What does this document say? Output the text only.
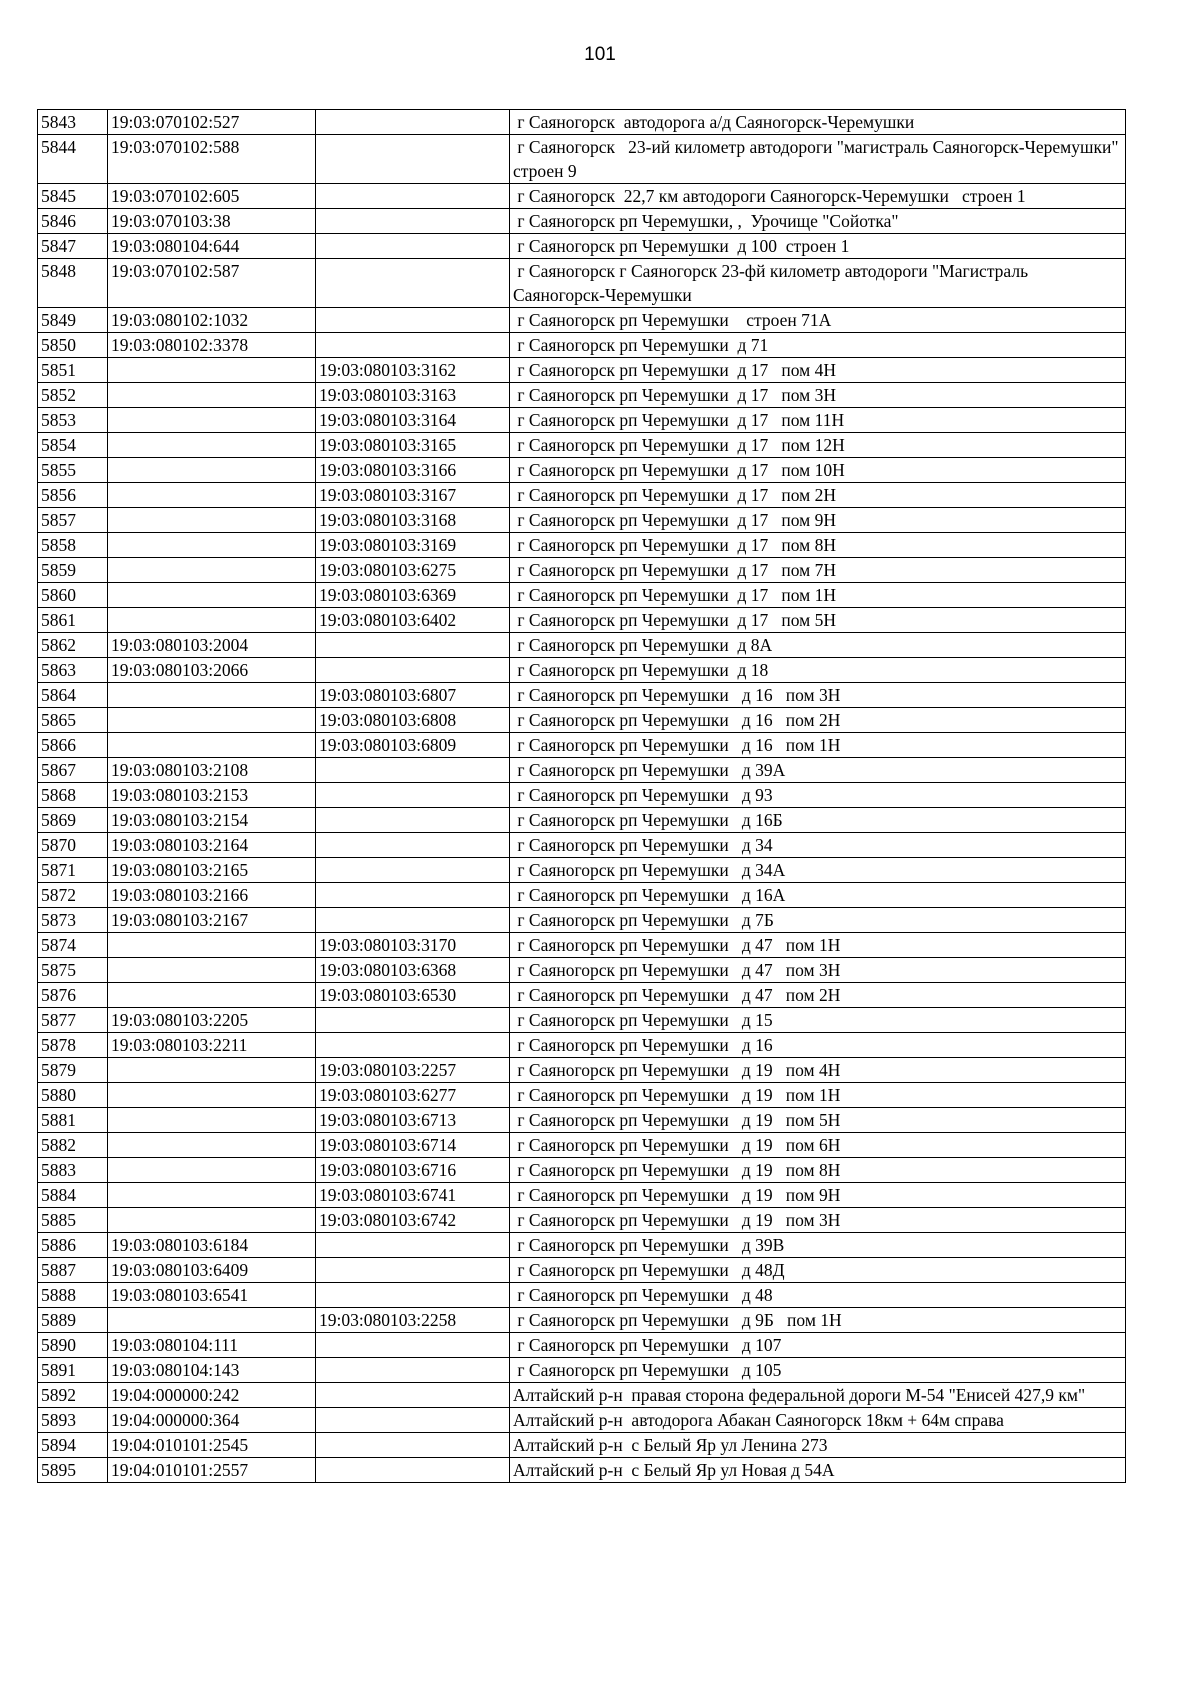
101
5843	19:03:070102:527		г Саяногорск  автодорога а/д Саяногорск-Черемушки
5844	19:03:070102:588		г Саяногорск   23-ий километр автодороги "магистраль Саяногорск-Черемушки"   строен 9
5845	19:03:070102:605		г Саяногорск  22,7 км автодороги Саяногорск-Черемушки   строен 1
5846	19:03:070103:38		г Саяногорск рп Черемушки, ,  Урочище "Сойотка"
5847	19:03:080104:644		г Саяногорск рп Черемушки  д 100  строен 1
5848	19:03:070102:587		г Саяногорск г Саяногорск 23-фй километр автодороги "Магистраль Саяногорск-Черемушки
5849	19:03:080102:1032		г Саяногорск рп Черемушки    строен 71А
5850	19:03:080102:3378		г Саяногорск рп Черемушки  д 71
5851		19:03:080103:3162	г Саяногорск рп Черемушки  д 17   пом 4Н
5852		19:03:080103:3163	г Саяногорск рп Черемушки  д 17   пом 3Н
5853		19:03:080103:3164	г Саяногорск рп Черемушки  д 17   пом 11Н
5854		19:03:080103:3165	г Саяногорск рп Черемушки  д 17   пом 12Н
5855		19:03:080103:3166	г Саяногорск рп Черемушки  д 17   пом 10Н
5856		19:03:080103:3167	г Саяногорск рп Черемушки  д 17   пом 2Н
5857		19:03:080103:3168	г Саяногорск рп Черемушки  д 17   пом 9Н
5858		19:03:080103:3169	г Саяногорск рп Черемушки  д 17   пом 8Н
5859		19:03:080103:6275	г Саяногорск рп Черемушки  д 17   пом 7Н
5860		19:03:080103:6369	г Саяногорск рп Черемушки  д 17   пом 1Н
5861		19:03:080103:6402	г Саяногорск рп Черемушки  д 17   пом 5Н
5862	19:03:080103:2004		г Саяногорск рп Черемушки  д 8А
5863	19:03:080103:2066		г Саяногорск рп Черемушки  д 18
5864		19:03:080103:6807	г Саяногорск рп Черемушки   д 16   пом 3Н
5865		19:03:080103:6808	г Саяногорск рп Черемушки   д 16   пом 2Н
5866		19:03:080103:6809	г Саяногорск рп Черемушки   д 16   пом 1Н
5867	19:03:080103:2108		г Саяногорск рп Черемушки   д 39А
5868	19:03:080103:2153		г Саяногорск рп Черемушки   д 93
5869	19:03:080103:2154		г Саяногорск рп Черемушки   д 16Б
5870	19:03:080103:2164		г Саяногорск рп Черемушки   д 34
5871	19:03:080103:2165		г Саяногорск рп Черемушки   д 34А
5872	19:03:080103:2166		г Саяногорск рп Черемушки   д 16А
5873	19:03:080103:2167		г Саяногорск рп Черемушки   д 7Б
5874		19:03:080103:3170	г Саяногорск рп Черемушки   д 47   пом 1Н
5875		19:03:080103:6368	г Саяногорск рп Черемушки   д 47   пом 3Н
5876		19:03:080103:6530	г Саяногорск рп Черемушки   д 47   пом 2Н
5877	19:03:080103:2205		г Саяногорск рп Черемушки   д 15
5878	19:03:080103:2211		г Саяногорск рп Черемушки   д 16
5879		19:03:080103:2257	г Саяногорск рп Черемушки   д 19   пом 4Н
5880		19:03:080103:6277	г Саяногорск рп Черемушки   д 19   пом 1Н
5881		19:03:080103:6713	г Саяногорск рп Черемушки   д 19   пом 5Н
5882		19:03:080103:6714	г Саяногорск рп Черемушки   д 19   пом 6Н
5883		19:03:080103:6716	г Саяногорск рп Черемушки   д 19   пом 8Н
5884		19:03:080103:6741	г Саяногорск рп Черемушки   д 19   пом 9Н
5885		19:03:080103:6742	г Саяногорск рп Черемушки   д 19   пом 3Н
5886	19:03:080103:6184		г Саяногорск рп Черемушки   д 39В
5887	19:03:080103:6409		г Саяногорск рп Черемушки   д 48Д
5888	19:03:080103:6541		г Саяногорск рп Черемушки   д 48
5889		19:03:080103:2258	г Саяногорск рп Черемушки   д 9Б   пом 1Н
5890	19:03:080104:111		г Саяногорск рп Черемушки   д 107
5891	19:03:080104:143		г Саяногорск рп Черемушки   д 105
5892	19:04:000000:242		Алтайский р-н  правая сторона федеральной дороги М-54 "Енисей 427,9 км"
5893	19:04:000000:364		Алтайский р-н  автодорога Абакан Саяногорск 18км + 64м справа
5894	19:04:010101:2545		Алтайский р-н  с Белый Яр ул Ленина 273
5895	19:04:010101:2557		Алтайский р-н  с Белый Яр ул Новая д 54А
